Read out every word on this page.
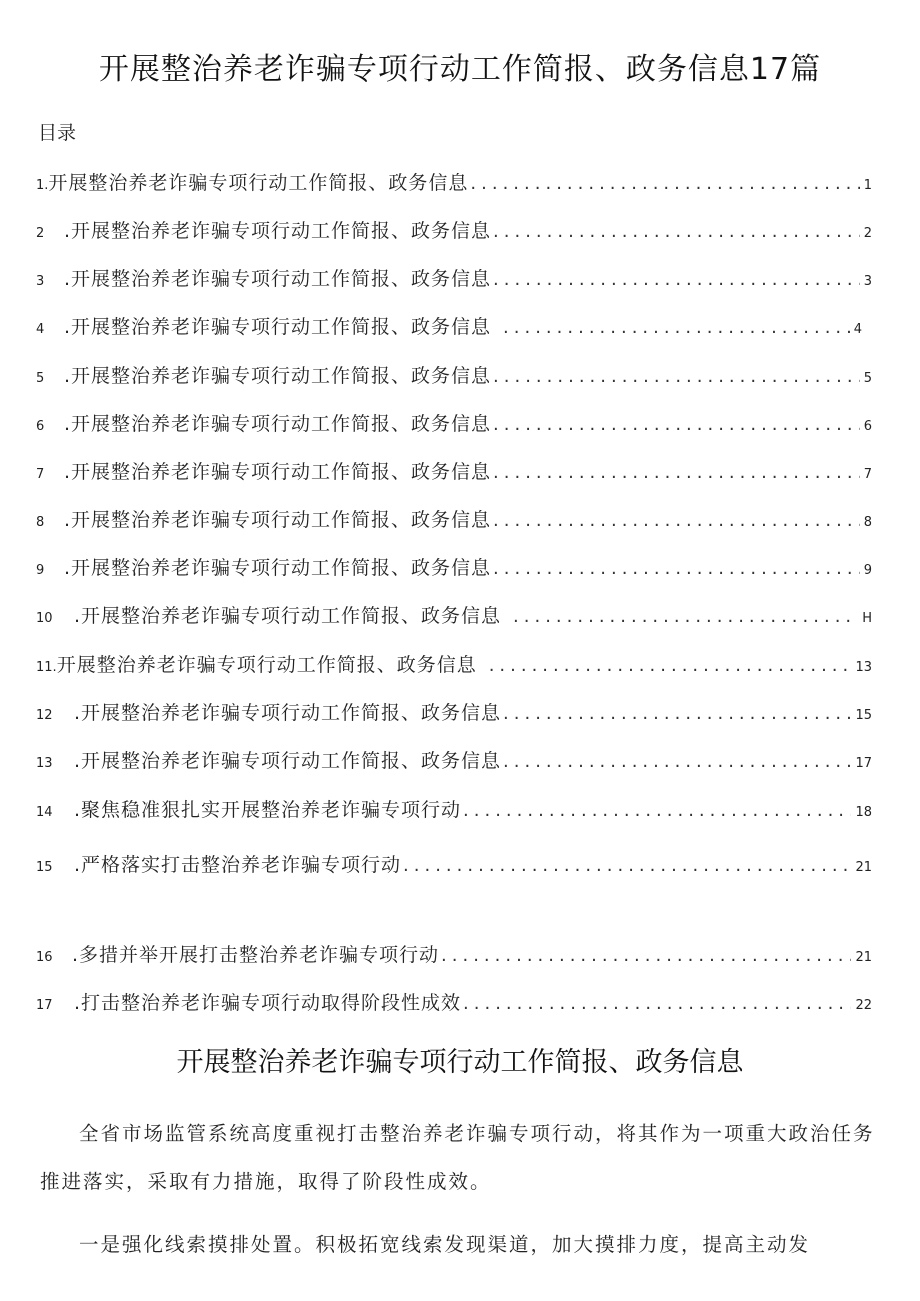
开展整治养老诈骗专项行动工作简报、政务信息17篇
目录
1. 开展整治养老诈骗专项行动工作简报、政务信息 .....	1
2	.开展整治养老诈骗专项行动工作简报、政务信息 .....	2
3	.开展整治养老诈骗专项行动工作简报、政务信息 .....	3
4	.开展整治养老诈骗专项行动工作简报、政务信息 .....	4
5	.开展整治养老诈骗专项行动工作简报、政务信息 .....	5
6	.开展整治养老诈骗专项行动工作简报、政务信息 .....	6
7	.开展整治养老诈骗专项行动工作简报、政务信息 .....	7
8	.开展整治养老诈骗专项行动工作简报、政务信息 .....	8
9	.开展整治养老诈骗专项行动工作简报、政务信息 .....	9
10	.开展整治养老诈骗专项行动工作简报、政务信息 .....	H
11. 开展整治养老诈骗专项行动工作简报、政务信息 .....	13
12	.开展整治养老诈骗专项行动工作简报、政务信息 .....	15
13	.开展整治养老诈骗专项行动工作简报、政务信息 .....	17
14	.聚焦稳准狠扎实开展整治养老诈骗专项行动 .....	18
15	.严格落实打击整治养老诈骗专项行动 .....	21
16	.多措并举开展打击整治养老诈骗专项行动 .....	21
17	.打击整治养老诈骗专项行动取得阶段性成效 .....	22
开展整治养老诈骗专项行动工作简报、政务信息
全省市场监管系统高度重视打击整治养老诈骗专项行动，将其作为一项重大政治任务推进落实，采取有力措施，取得了阶段性成效。
一是强化线索摸排处置。积极拓宽线索发现渠道，加大摸排力度，提高主动发
